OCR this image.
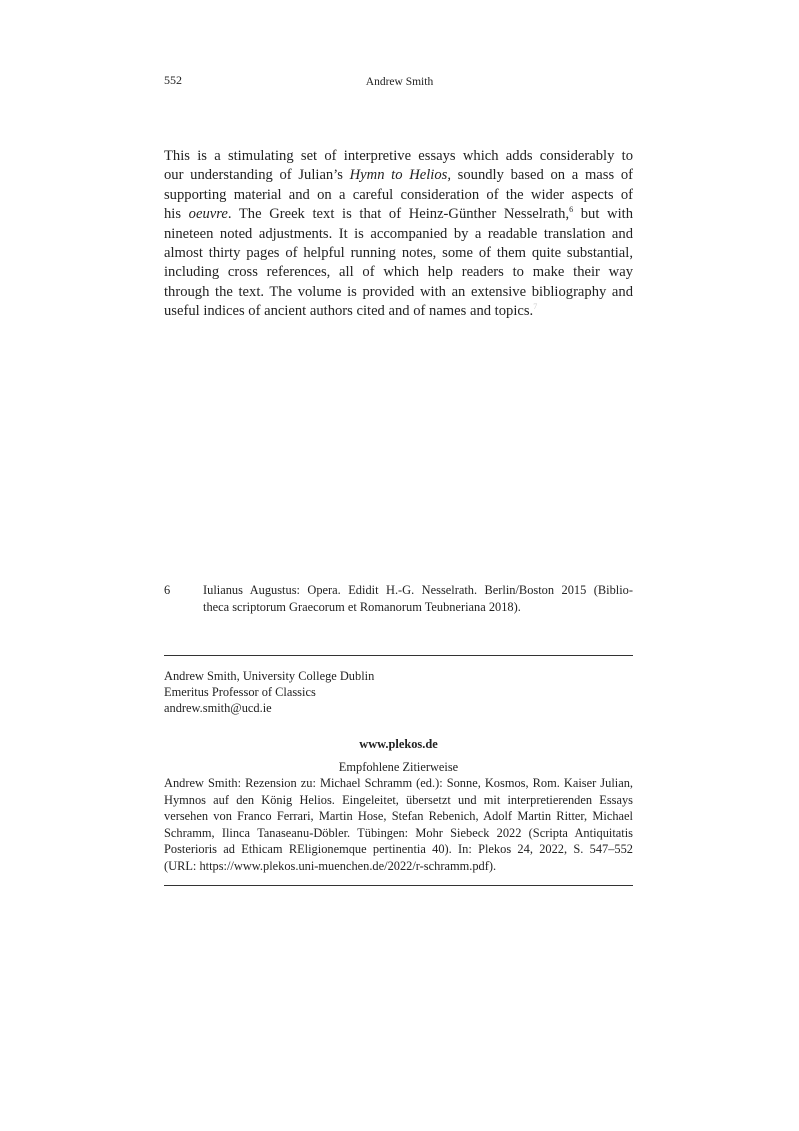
552	Andrew Smith
This is a stimulating set of interpretive essays which adds considerably to
our understanding of Julian’s Hymn to Helios, soundly based on a mass of
supporting material and on a careful consideration of the wider aspects of
his oeuvre. The Greek text is that of Heinz-Günther Nesselrath,$^6$ but with
nineteen noted adjustments. It is accompanied by a readable translation and
almost thirty pages of helpful running notes, some of them quite substantial,
including cross references, all of which help readers to make their way
through the text. The volume is provided with an extensive bibliography and
useful indices of ancient authors cited and of names and topics.$^7$
6	Iulianus Augustus: Opera. Edidit H.-G. Nesselrath. Berlin/Boston 2015 (Biblio-
theca scriptorum Graecorum et Romanorum Teubneriana 2018).
Andrew Smith, University College Dublin
Emeritus Professor of Classics
andrew.smith@ucd.ie
www.plekos.de
Empfohlene Zitierweise
Andrew Smith: Rezension zu: Michael Schramm (ed.): Sonne, Kosmos, Rom. Kaiser Julian,
Hymnos auf den König Helios. Eingeleitet, übersetzt und mit interpretierenden Essays
versehen von Franco Ferrari, Martin Hose, Stefan Rebenich, Adolf Martin Ritter, Michael
Schramm, Ilinca Tanaseanu-Döbler. Tübingen: Mohr Siebeck 2022 (Scripta Antiquitatis
Posterioris ad Ethicam REligionemque pertinentia 40). In: Plekos 24, 2022, S. 547–552
(URL: https://www.plekos.uni-muenchen.de/2022/r-schramm.pdf).
